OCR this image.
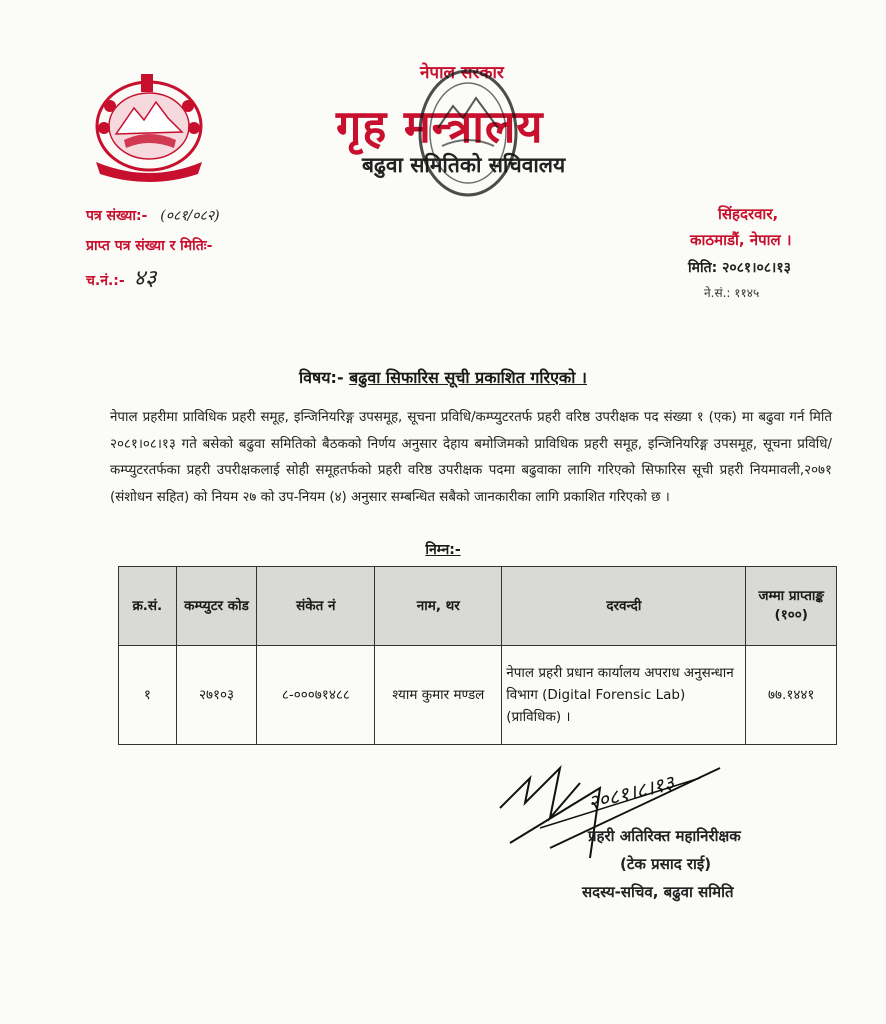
नेपाल सरकार
गृह मन्त्रालय
बढुवा समितिको सचिवालय
पत्र संख्या:- (०८१/०८२)
प्राप्त पत्र संख्या र मितिः-
च.नं.:- ४३
सिंहदरवार,
काठमाडौं, नेपाल ।
मिति: २०८१।०८।१३
ने.सं.: ११४५
विषय:- बढुवा सिफारिस सूची प्रकाशित गरिएको ।
नेपाल प्रहरीमा प्राविधिक प्रहरी समूह, इन्जिनियरिङ्ग उपसमूह, सूचना प्रविधि/कम्प्युटरतर्फ प्रहरी वरिष्ठ उपरीक्षक पद संख्या १ (एक) मा बढुवा गर्न मिति २०८१।०८।१३ गते बसेको बढुवा समितिको बैठकको निर्णय अनुसार देहाय बमोजिमको प्राविधिक प्रहरी समूह, इन्जिनियरिङ्ग उपसमूह, सूचना प्रविधि/कम्प्युटरतर्फका प्रहरी उपरीक्षकलाई सोही समूहतर्फको प्रहरी वरिष्ठ उपरीक्षक पदमा बढुवाका लागि गरिएको सिफारिस सूची प्रहरी नियमावली,२०७१ (संशोधन सहित) को नियम २७ को उप-नियम (४) अनुसार सम्बन्धित सबैको जानकारीका लागि प्रकाशित गरिएको छ ।
निम्न:-
क्र.सं.	कम्प्युटर कोड	संकेत नं	नाम, थर	दरवन्दी	जम्मा प्राप्ताङ्क (१००)
१	२७१०३	८-०००७१४८८	श्याम कुमार मण्डल	नेपाल प्रहरी प्रधान कार्यालय अपराध अनुसन्धान विभाग (Digital Forensic Lab) (प्राविधिक) ।	७७.१४४१
२०८१।८।१३
प्रहरी अतिरिक्त महानिरीक्षक
(टेक प्रसाद राई)
सदस्य-सचिव, बढुवा समिति
